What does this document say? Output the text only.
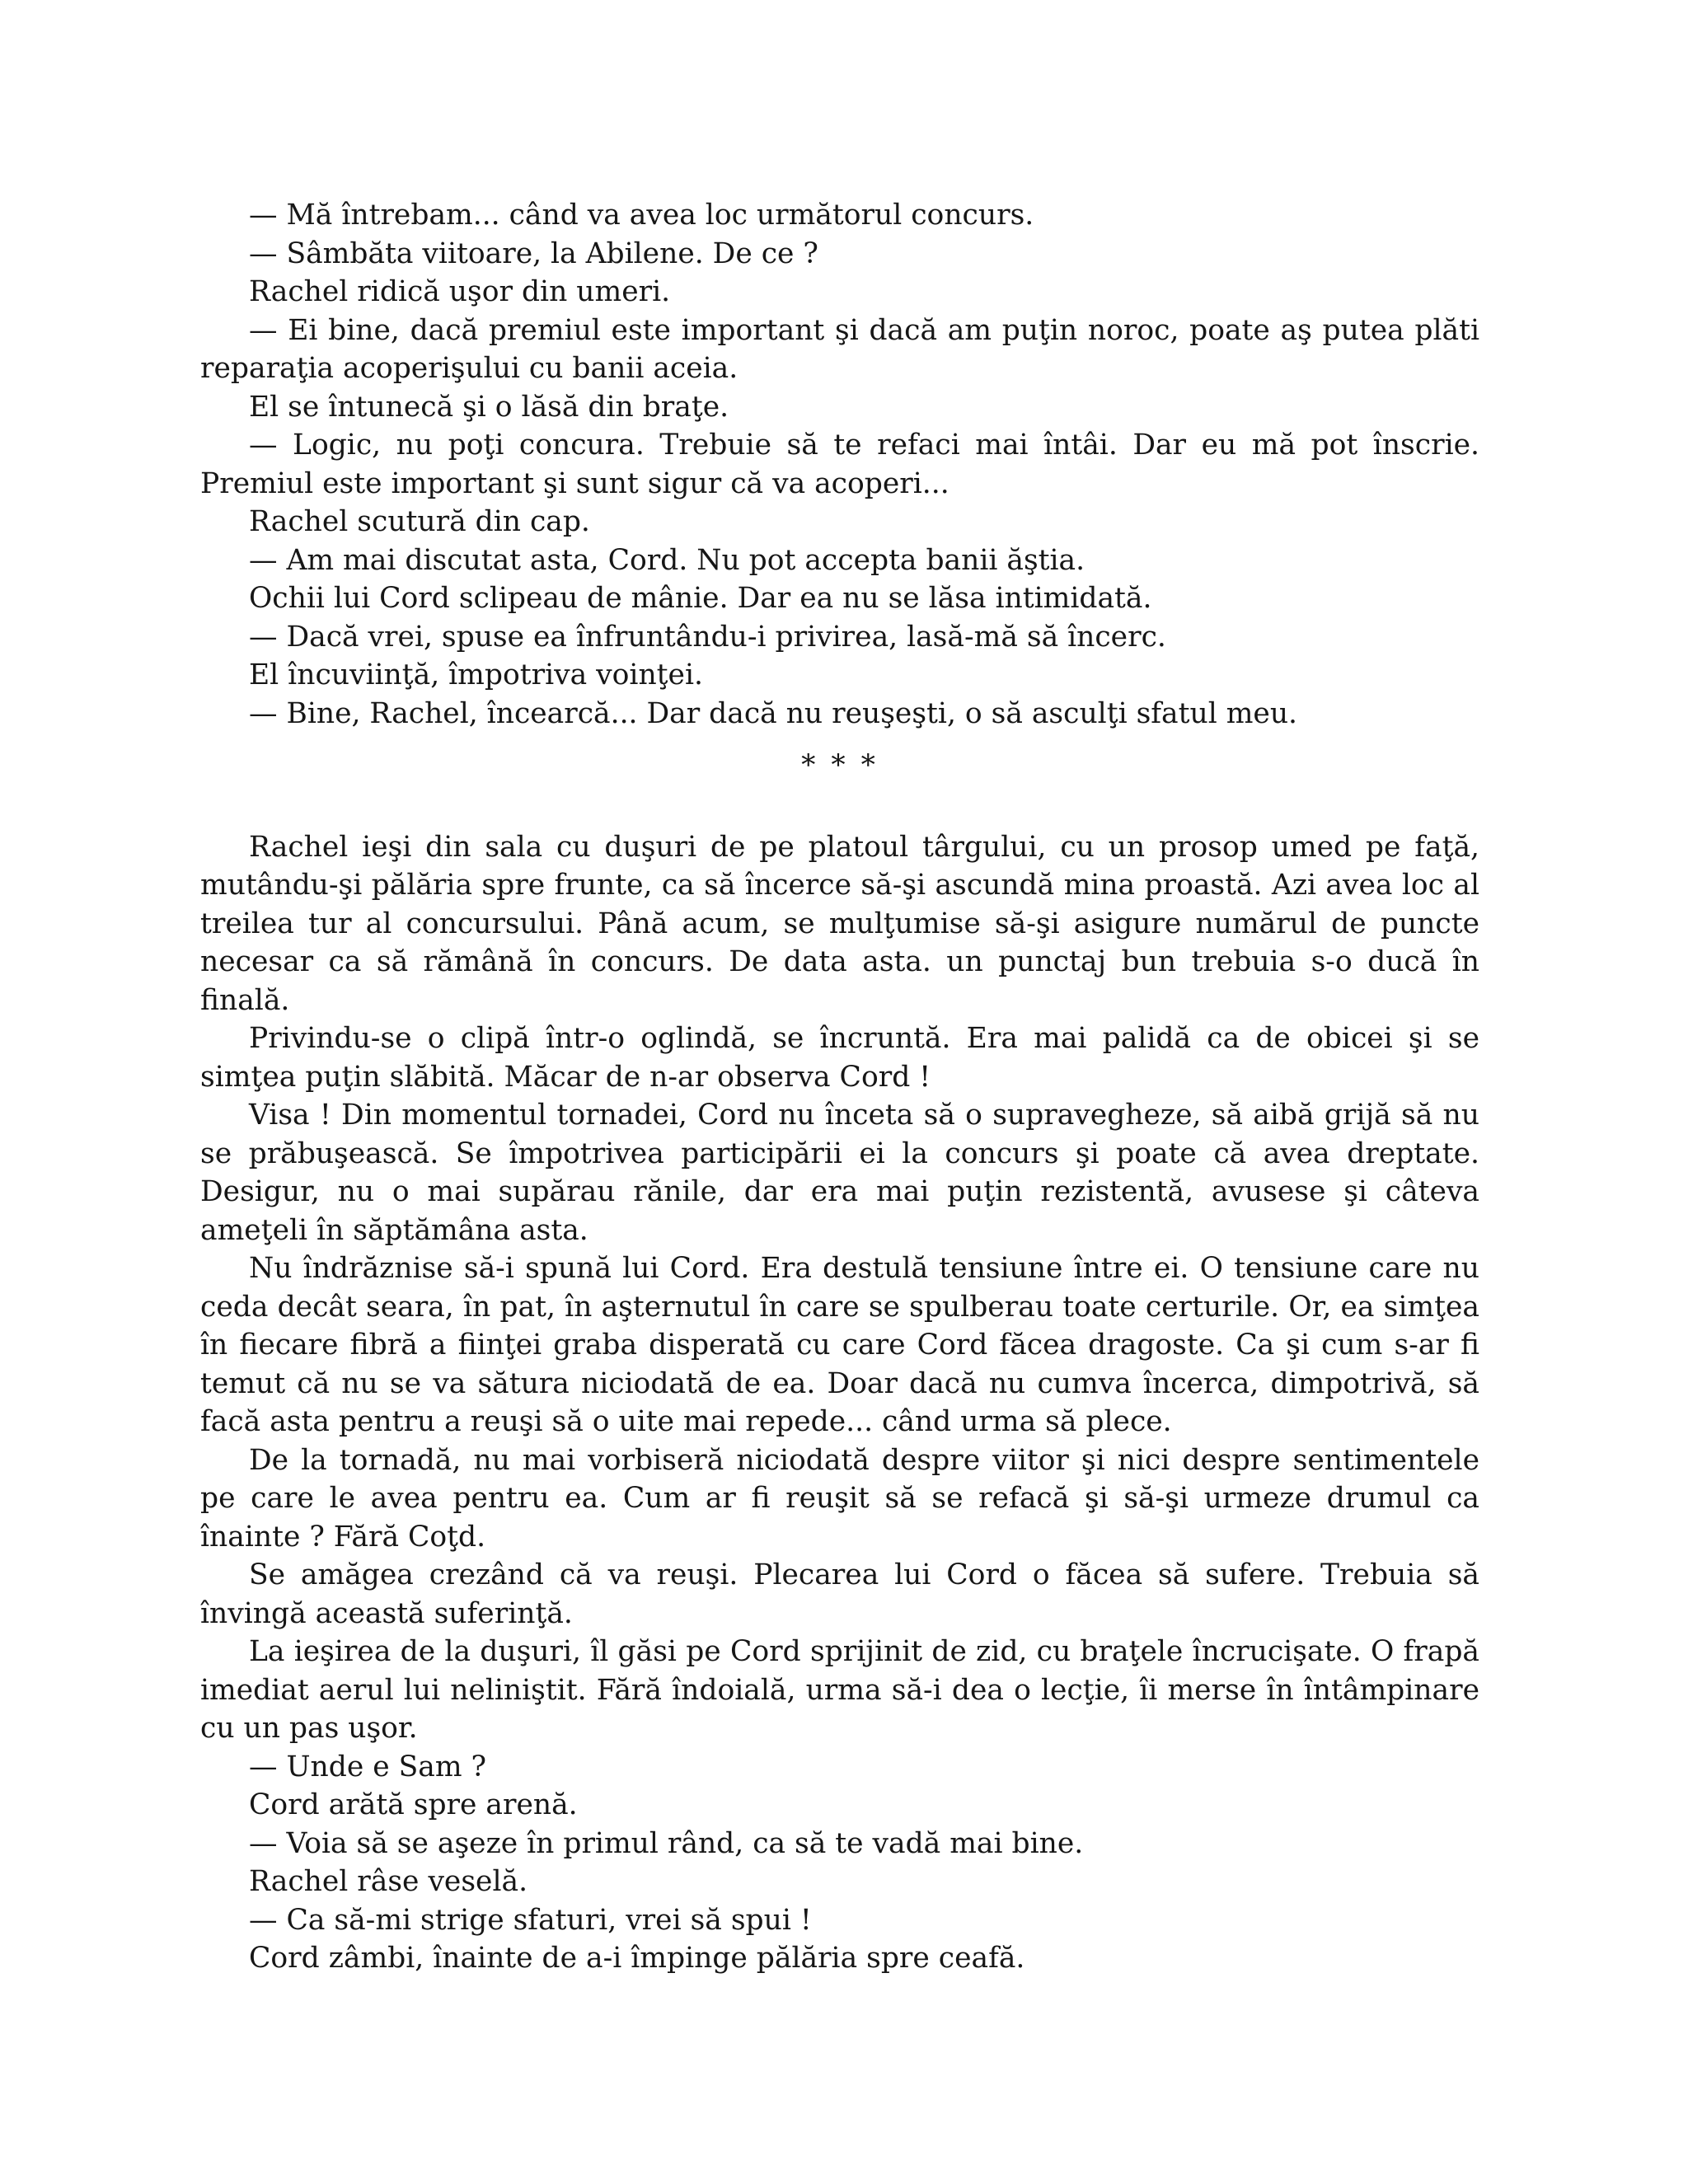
— Mă întrebam... când va avea loc următorul concurs.

— Sâmbăta viitoare, la Abilene. De ce ?

Rachel ridică uşor din umeri.

— Ei bine, dacă premiul este important şi dacă am puţin noroc, poate aş putea plăti reparaţia acoperişului cu banii aceia.

El se întunecă şi o lăsă din braţe.

— Logic, nu poţi concura. Trebuie să te refaci mai întâi. Dar eu mă pot înscrie. Premiul este important şi sunt sigur că va acoperi...

Rachel scutură din cap.

— Am mai discutat asta, Cord. Nu pot accepta banii ăştia.

Ochii lui Cord sclipeau de mânie. Dar ea nu se lăsa intimidată.

— Dacă vrei, spuse ea înfruntându-i privirea, lasă-mă să încerc.

El încuviinţă, împotriva voinţei.

— Bine, Rachel, încearcă... Dar dacă nu reuşeşti, o să asculţi sfatul meu.

* * *

Rachel ieşi din sala cu duşuri de pe platoul târgului, cu un prosop umed pe faţă, mutându-şi pălăria spre frunte, ca să încerce să-şi ascundă mina proastă. Azi avea loc al treilea tur al concursului. Până acum, se mulţumise să-şi asigure numărul de puncte necesar ca să rămână în concurs. De data asta. un punctaj bun trebuia s-o ducă în finală.

Privindu-se o clipă într-o oglindă, se încruntă. Era mai palidă ca de obicei şi se simţea puţin slăbită. Măcar de n-ar observa Cord !

Visa ! Din momentul tornadei, Cord nu înceta să o supravegheze, să aibă grijă să nu se prăbuşească. Se împotrivea participării ei la concurs şi poate că avea dreptate. Desigur, nu o mai supărau rănile, dar era mai puţin rezistentă, avusese şi câteva ameţeli în săptămâna asta.

Nu îndrăznise să-i spună lui Cord. Era destulă tensiune între ei. O tensiune care nu ceda decât seara, în pat, în aşternutul în care se spulberau toate certurile. Or, ea simţea în fiecare fibră a fiinţei graba disperată cu care Cord făcea dragoste. Ca şi cum s-ar fi temut că nu se va sătura niciodată de ea. Doar dacă nu cumva încerca, dimpotrivă, să facă asta pentru a reuşi să o uite mai repede... când urma să plece.

De la tornadă, nu mai vorbiseră niciodată despre viitor şi nici despre sentimentele pe care le avea pentru ea. Cum ar fi reuşit să se refacă şi să-şi urmeze drumul ca înainte ? Fără Coţd.

Se amăgea crezând că va reuşi. Plecarea lui Cord o făcea să sufere. Trebuia să învingă această suferinţă.

La ieşirea de la duşuri, îl găsi pe Cord sprijinit de zid, cu braţele încrucişate. O frapă imediat aerul lui neliniştit. Fără îndoială, urma să-i dea o lecţie, îi merse în întâmpinare cu un pas uşor.

— Unde e Sam ?

Cord arătă spre arenă.

— Voia să se aşeze în primul rând, ca să te vadă mai bine.

Rachel râse veselă.

— Ca să-mi strige sfaturi, vrei să spui !

Cord zâmbi, înainte de a-i împinge pălăria spre ceafă.
